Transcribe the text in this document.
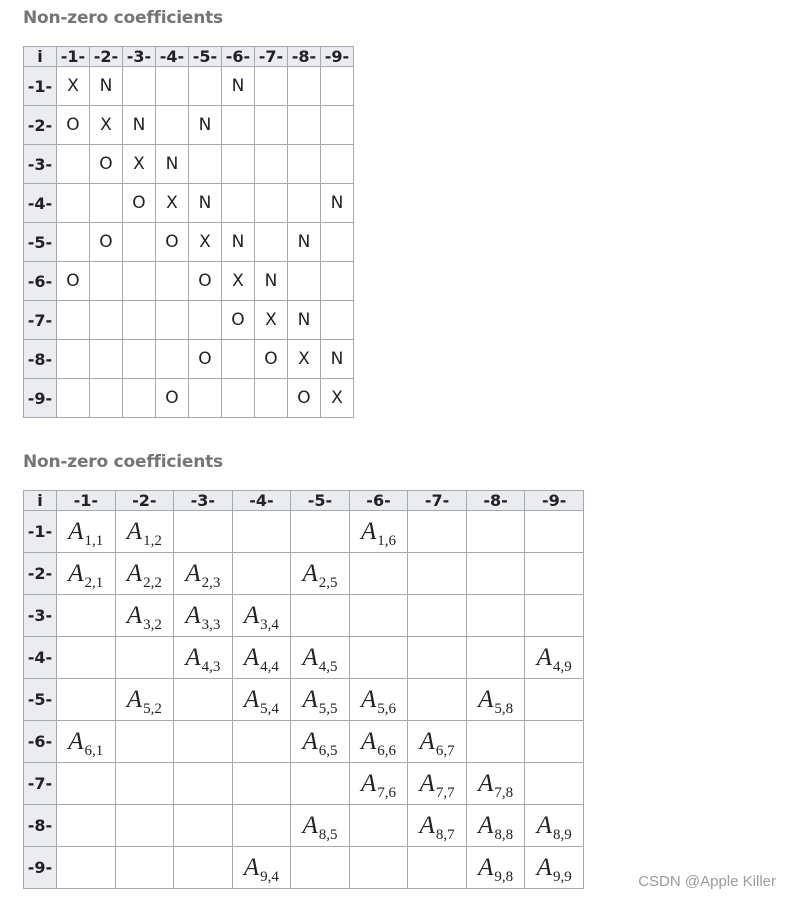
Non-zero coefficients
i	-1-	-2-	-3-	-4-	-5-	-6-	-7-	-8-	-9-
-1-	X	N				N			
-2-	O	X	N		N				
-3-		O	X	N					
-4-			O	X	N				N
-5-		O		O	X	N		N	
-6-	O				O	X	N		
-7-						O	X	N	
-8-					O		O	X	N
-9-				O				O	X
Non-zero coefficients
i	-1-	-2-	-3-	-4-	-5-	-6-	-7-	-8-	-9-
-1-	$A_{1,1}$	$A_{1,2}$				$A_{1,6}$			
-2-	$A_{2,1}$	$A_{2,2}$	$A_{2,3}$		$A_{2,5}$				
-3-		$A_{3,2}$	$A_{3,3}$	$A_{3,4}$					
-4-			$A_{4,3}$	$A_{4,4}$	$A_{4,5}$				$A_{4,9}$
-5-		$A_{5,2}$		$A_{5,4}$	$A_{5,5}$	$A_{5,6}$		$A_{5,8}$	
-6-	$A_{6,1}$				$A_{6,5}$	$A_{6,6}$	$A_{6,7}$		
-7-						$A_{7,6}$	$A_{7,7}$	$A_{7,8}$	
-8-					$A_{8,5}$		$A_{8,7}$	$A_{8,8}$	$A_{8,9}$
-9-				$A_{9,4}$				$A_{9,8}$	$A_{9,9}$	CSDN @Apple Killer
